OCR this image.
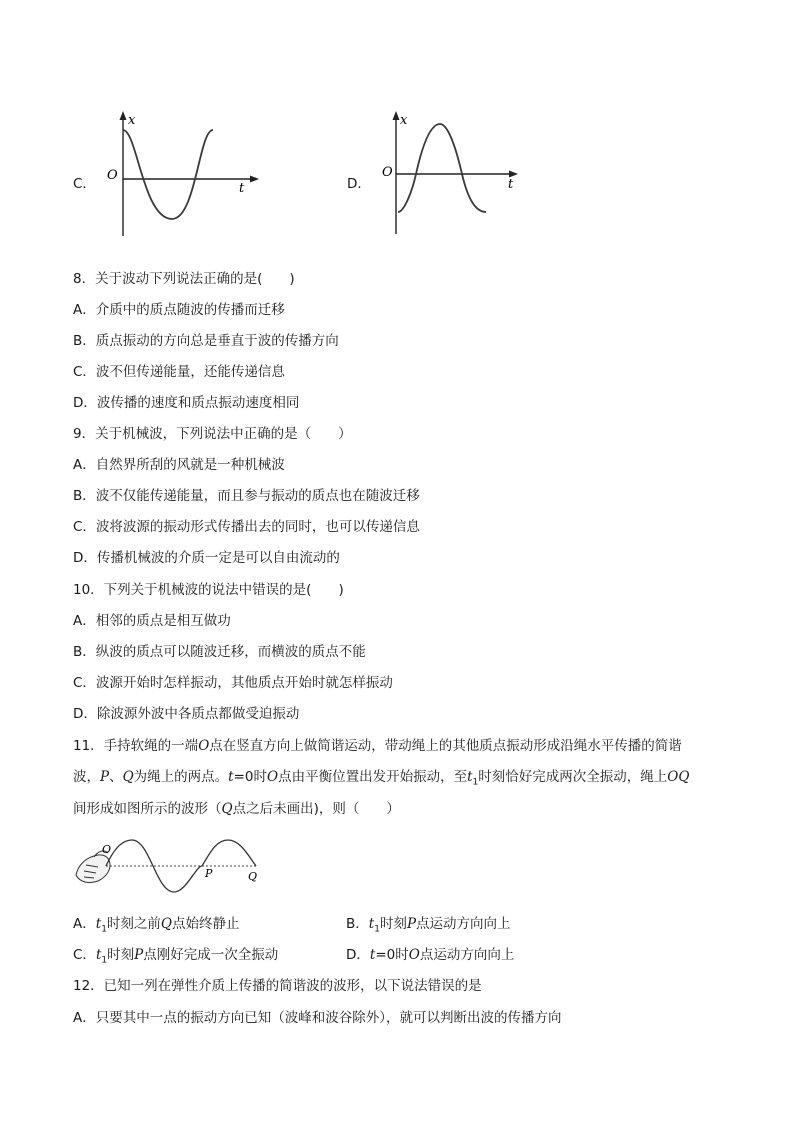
C．
x
O
t	D．
x
O
t
8．关于波动下列说法正确的是(　　)
A．介质中的质点随波的传播而迁移
B．质点振动的方向总是垂直于波的传播方向
C．波不但传递能量，还能传递信息
D．波传播的速度和质点振动速度相同
9．关于机械波，下列说法中正确的是（　　）
A．自然界所刮的风就是一种机械波
B．波不仅能传递能量，而且参与振动的质点也在随波迁移
C．波将波源的振动形式传播出去的同时，也可以传递信息
D．传播机械波的介质一定是可以自由流动的
10．下列关于机械波的说法中错误的是(　　)
A．相邻的质点是相互做功
B．纵波的质点可以随波迁移，而横波的质点不能
C．波源开始时怎样振动，其他质点开始时就怎样振动
D．除波源外波中各质点都做受迫振动
11．手持软绳的一端O点在竖直方向上做简谐运动，带动绳上的其他质点振动形成沿绳水平传播的简谐
波，P、Q为绳上的两点。t=0时O点由平衡位置出发开始振动，至$t_1$时刻恰好完成两次全振动，绳上OQ
间形成如图所示的波形（Q点之后未画出)，则（　　）
O
P	Q
A．$t_1$时刻之前Q点始终静止	B．$t_1$时刻P点运动方向向上
C．$t_1$时刻P点刚好完成一次全振动	D．t=0时O点运动方向向上
12．已知一列在弹性介质上传播的简谐波的波形，以下说法错误的是
A．只要其中一点的振动方向已知（波峰和波谷除外），就可以判断出波的传播方向
